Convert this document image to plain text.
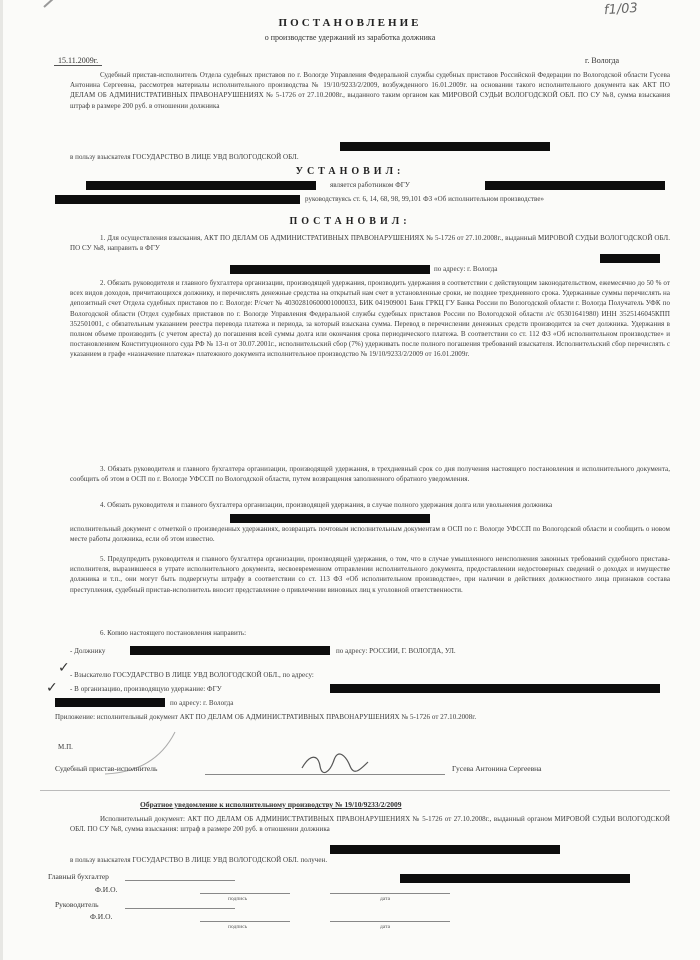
f1/03
ПОСТАНОВЛЕНИЕ
о производстве удержаний из заработка должника
15.11.2009г.	г. Вологда
Судебный пристав-исполнитель Отдела судебных приставов по г. Вологде Управления Федеральной службы судебных приставов Российской Федерации по Вологодской области Гусева Антонина Сергеевна, рассмотрев материалы исполнительного производства № 19/10/9233/2/2009, возбужденного 16.01.2009г. на основании такого исполнительного документа как АКТ ПО ДЕЛАМ ОБ АДМИНИСТРАТИВНЫХ ПРАВОНАРУШЕНИЯХ № 5-1726 от 27.10.2008г., выданного таким органом как МИРОВОЙ СУДЬИ ВОЛОГОДСКОЙ ОБЛ. ПО СУ №8, сумма взыскания штраф в размере 200 руб. в отношении должника
в пользу взыскателя ГОСУДАРСТВО В ЛИЦЕ УВД ВОЛОГОДСКОЙ ОБЛ.
УСТАНОВИЛ:
является работником ФГУ
руководствуясь ст. 6, 14, 68, 98, 99,101 ФЗ «Об исполнительном производстве»
ПОСТАНОВИЛ:
1. Для осуществления взыскания, АКТ ПО ДЕЛАМ ОБ АДМИНИСТРАТИВНЫХ ПРАВОНАРУШЕНИЯХ № 5-1726 от 27.10.2008г., выданный МИРОВОЙ СУДЬИ ВОЛОГОДСКОЙ ОБЛ. ПО СУ №8, направить в ФГУ
по адресу: г. Вологда
2. Обязать руководителя и главного бухгалтера организации, производящей удержания, производить удержания в соответствии с действующим законодательством, ежемесячно до 50 % от всех видов доходов, причитающихся должнику, и перечислять денежные средства на открытый нам счет в установленные сроки, не позднее трехдневного срока. Удержанные суммы перечислять на депозитный счет Отдела судебных приставов по г. Вологде: Р/счет № 40302810600001000033, БИК 041909001 Банк ГРКЦ ГУ Банка России по Вологодской области г. Вологда Получатель УФК по Вологодской области (Отдел судебных приставов по г. Вологде Управления Федеральной службы судебных приставов России по Вологодской области л/с 05301641980) ИНН 3525146045КПП 352501001, с обязательным указанием реестра перевода платежа и периода, за который взыскана сумма. Перевод в перечислении денежных средств производится за счет должника. Удержания в полном объеме производить (с учетом ареста) до погашения всей суммы долга или окончания срока периодического платежа. В соответствии со ст. 112 ФЗ «Об исполнительном производстве» и постановлением Конституционного суда РФ № 13-п от 30.07.2001г., исполнительский сбор (7%) удерживать после полного погашения требований взыскателя. Исполнительский сбор перечислять с указанием в графе «назначение платежа» платежного документа исполнительное производство № 19/10/9233/2/2009 от 16.01.2009г.
3. Обязать руководителя и главного бухгалтера организации, производящей удержания, в трехдневный срок со дня получения настоящего постановления и исполнительного документа, сообщить об этом в ОСП по г. Вологде УФССП по Вологодской области, путем возвращения заполненного обратного уведомления.
4. Обязать руководителя и главного бухгалтера организации, производящей удержания, в случае полного удержания долга или увольнения должника
исполнительный документ с отметкой о произведенных удержаниях, возвращать почтовым исполнительным документам в ОСП по г. Вологде УФССП по Вологодской области и сообщить о новом месте работы должника, если об этом известно.
5. Предупредить руководителя и главного бухгалтера организации, производящей удержания, о том, что в случае умышленного неисполнения законных требований судебного пристава-исполнителя, выразившееся в утрате исполнительного документа, несвоевременном отправлении исполнительного документа, предоставлении недостоверных сведений о доходах и имуществе должника и т.п., они могут быть подвергнуты штрафу в соответствии со ст. 113 ФЗ «Об исполнительном производстве», при наличии в действиях должностного лица признаков состава преступления, судебный пристав-исполнитель вносит представление о привлечении виновных лиц к уголовной ответственности.
6. Копию настоящего постановления направить:
- Должнику	по адресу: РОССИИ, Г. ВОЛОГДА, УЛ.
✓ - Взыскателю ГОСУДАРСТВО В ЛИЦЕ УВД ВОЛОГОДСКОЙ ОБЛ., по адресу:
✓ - В организацию, производящую удержание: ФГУ
по адресу: г. Вологда
Приложение: исполнительный документ АКТ ПО ДЕЛАМ ОБ АДМИНИСТРАТИВНЫХ ПРАВОНАРУШЕНИЯХ № 5-1726 от 27.10.2008г.
М.П.
Судебный пристав-исполнитель	Гусева Антонина Сергеевна
Обратное уведомление к исполнительному производству № 19/10/9233/2/2009
Исполнительный документ: АКТ ПО ДЕЛАМ ОБ АДМИНИСТРАТИВНЫХ ПРАВОНАРУШЕНИЯХ № 5-1726 от 27.10.2008г., выданный органом МИРОВОЙ СУДЬИ ВОЛОГОДСКОЙ ОБЛ. ПО СУ №8, сумма взыскания: штраф в размере 200 руб. в отношении должника
в пользу взыскателя ГОСУДАРСТВО В ЛИЦЕ УВД ВОЛОГОДСКОЙ ОБЛ. получен.
Главный бухгалтер
Ф.И.О.
подпись	дата
Руководитель
Ф.И.О.
подпись	дата
